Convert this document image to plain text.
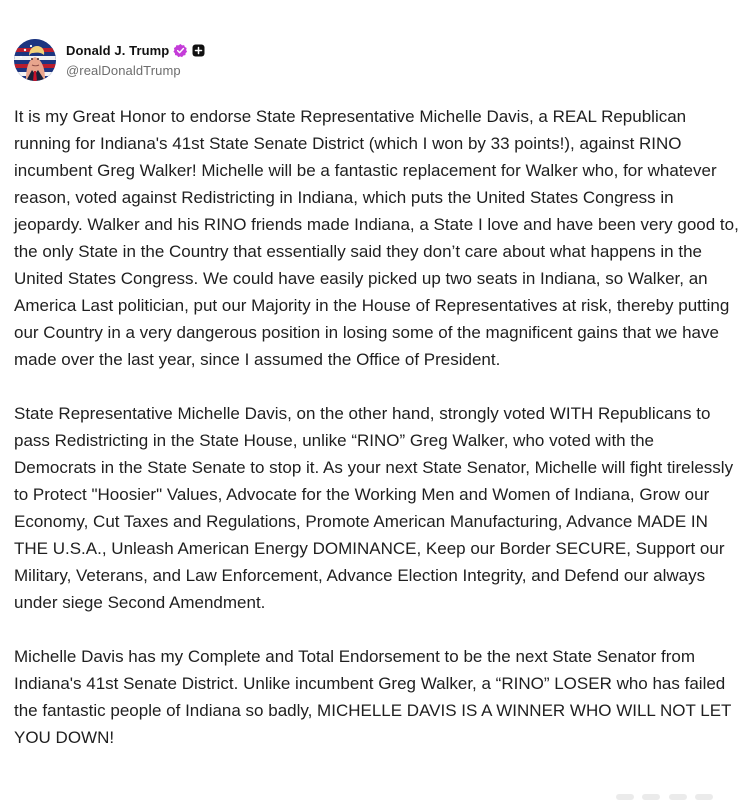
Donald J. Trump
@realDonaldTrump

It is my Great Honor to endorse State Representative Michelle Davis, a REAL Republican running for Indiana's 41st State Senate District (which I won by 33 points!), against RINO incumbent Greg Walker! Michelle will be a fantastic replacement for Walker who, for whatever reason, voted against Redistricting in Indiana, which puts the United States Congress in jeopardy. Walker and his RINO friends made Indiana, a State I love and have been very good to, the only State in the Country that essentially said they don’t care about what happens in the United States Congress. We could have easily picked up two seats in Indiana, so Walker, an America Last politician, put our Majority in the House of Representatives at risk, thereby putting our Country in a very dangerous position in losing some of the magnificent gains that we have made over the last year, since I assumed the Office of President.

State Representative Michelle Davis, on the other hand, strongly voted WITH Republicans to pass Redistricting in the State House, unlike “RINO” Greg Walker, who voted with the Democrats in the State Senate to stop it. As your next State Senator, Michelle will fight tirelessly to Protect "Hoosier" Values, Advocate for the Working Men and Women of Indiana, Grow our Economy, Cut Taxes and Regulations, Promote American Manufacturing, Advance MADE IN THE U.S.A., Unleash American Energy DOMINANCE, Keep our Border SECURE, Support our Military, Veterans, and Law Enforcement, Advance Election Integrity, and Defend our always under siege Second Amendment.

Michelle Davis has my Complete and Total Endorsement to be the next State Senator from Indiana's 41st Senate District. Unlike incumbent Greg Walker, a “RINO” LOSER who has failed the fantastic people of Indiana so badly, MICHELLE DAVIS IS A WINNER WHO WILL NOT LET YOU DOWN!
